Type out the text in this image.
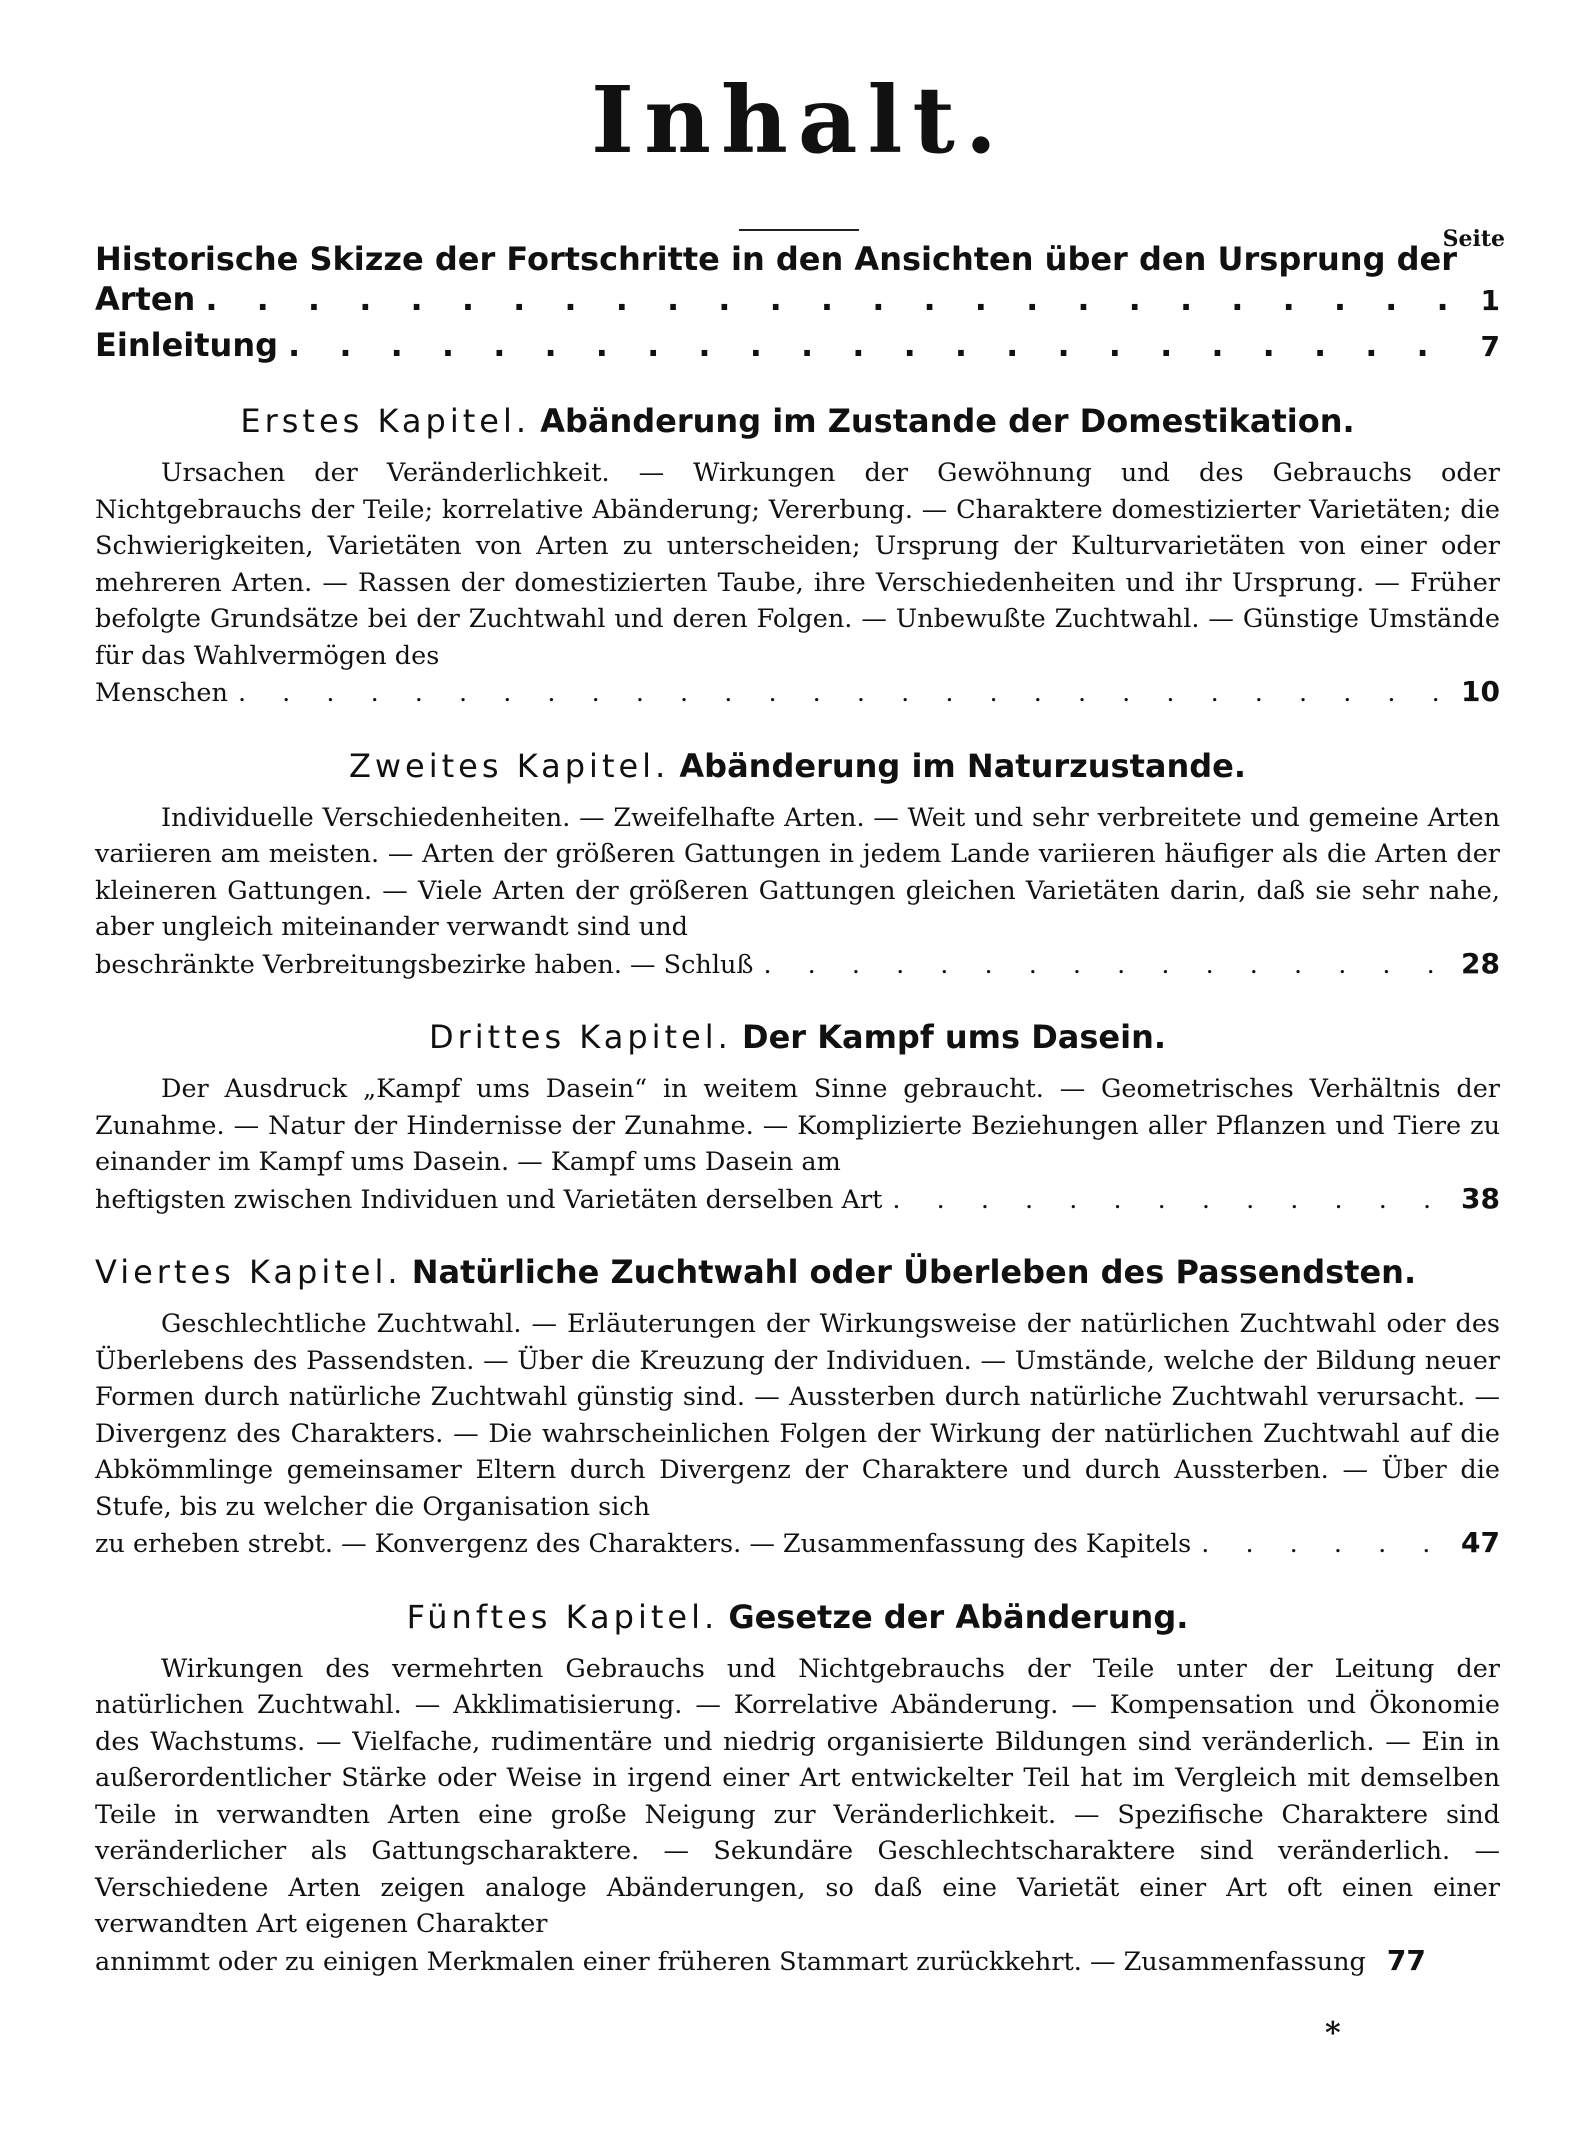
Inhalt.
Seite
Historische Skizze der Fortschritte in den Ansichten über den Ursprung der
Arten . . .	1
Einleitung . . .	7
Erstes Kapitel. Abänderung im Zustande der Domestikation.
Ursachen der Veränderlichkeit. — Wirkungen der Gewöhnung und des Gebrauchs oder Nichtgebrauchs der Teile; korrelative Abänderung; Vererbung. — Charaktere domestizierter Varietäten; die Schwierigkeiten, Varietäten von Arten zu unterscheiden; Ursprung der Kulturvarietäten von einer oder mehreren Arten. — Rassen der domestizierten Taube, ihre Verschiedenheiten und ihr Ursprung. — Früher befolgte Grundsätze bei der Zuchtwahl und deren Folgen. — Unbewußte Zuchtwahl. — Günstige Umstände für das Wahlvermögen des
Menschen . . .	10
Zweites Kapitel. Abänderung im Naturzustande.
Individuelle Verschiedenheiten. — Zweifelhafte Arten. — Weit und sehr verbreitete und gemeine Arten variieren am meisten. — Arten der größeren Gattungen in jedem Lande variieren häufiger als die Arten der kleineren Gattungen. — Viele Arten der größeren Gattungen gleichen Varietäten darin, daß sie sehr nahe, aber ungleich miteinander verwandt sind und
beschränkte Verbreitungsbezirke haben. — Schluß . . .	28
Drittes Kapitel. Der Kampf ums Dasein.
Der Ausdruck „Kampf ums Dasein“ in weitem Sinne gebraucht. — Geometrisches Verhältnis der Zunahme. — Natur der Hindernisse der Zunahme. — Komplizierte Beziehungen aller Pflanzen und Tiere zu einander im Kampf ums Dasein. — Kampf ums Dasein am
heftigsten zwischen Individuen und Varietäten derselben Art . . .	38
Viertes Kapitel. Natürliche Zuchtwahl oder Überleben des Passendsten.
Geschlechtliche Zuchtwahl. — Erläuterungen der Wirkungsweise der natürlichen Zuchtwahl oder des Überlebens des Passendsten. — Über die Kreuzung der Individuen. — Umstände, welche der Bildung neuer Formen durch natürliche Zuchtwahl günstig sind. — Aussterben durch natürliche Zuchtwahl verursacht. — Divergenz des Charakters. — Die wahrscheinlichen Folgen der Wirkung der natürlichen Zuchtwahl auf die Abkömmlinge gemeinsamer Eltern durch Divergenz der Charaktere und durch Aussterben. — Über die Stufe, bis zu welcher die Organisation sich
zu erheben strebt. — Konvergenz des Charakters. — Zusammenfassung des Kapitels . . .	47
Fünftes Kapitel. Gesetze der Abänderung.
Wirkungen des vermehrten Gebrauchs und Nichtgebrauchs der Teile unter der Leitung der natürlichen Zuchtwahl. — Akklimatisierung. — Korrelative Abänderung. — Kompensation und Ökonomie des Wachstums. — Vielfache, rudimentäre und niedrig organisierte Bildungen sind veränderlich. — Ein in außerordentlicher Stärke oder Weise in irgend einer Art entwickelter Teil hat im Vergleich mit demselben Teile in verwandten Arten eine große Neigung zur Veränderlichkeit. — Spezifische Charaktere sind veränderlicher als Gattungscharaktere. — Sekundäre Geschlechtscharaktere sind veränderlich. — Verschiedene Arten zeigen analoge Abänderungen, so daß eine Varietät einer Art oft einen einer verwandten Art eigenen Charakter
annimmt oder zu einigen Merkmalen einer früheren Stammart zurückkehrt. — Zusammenfassung 77
*
